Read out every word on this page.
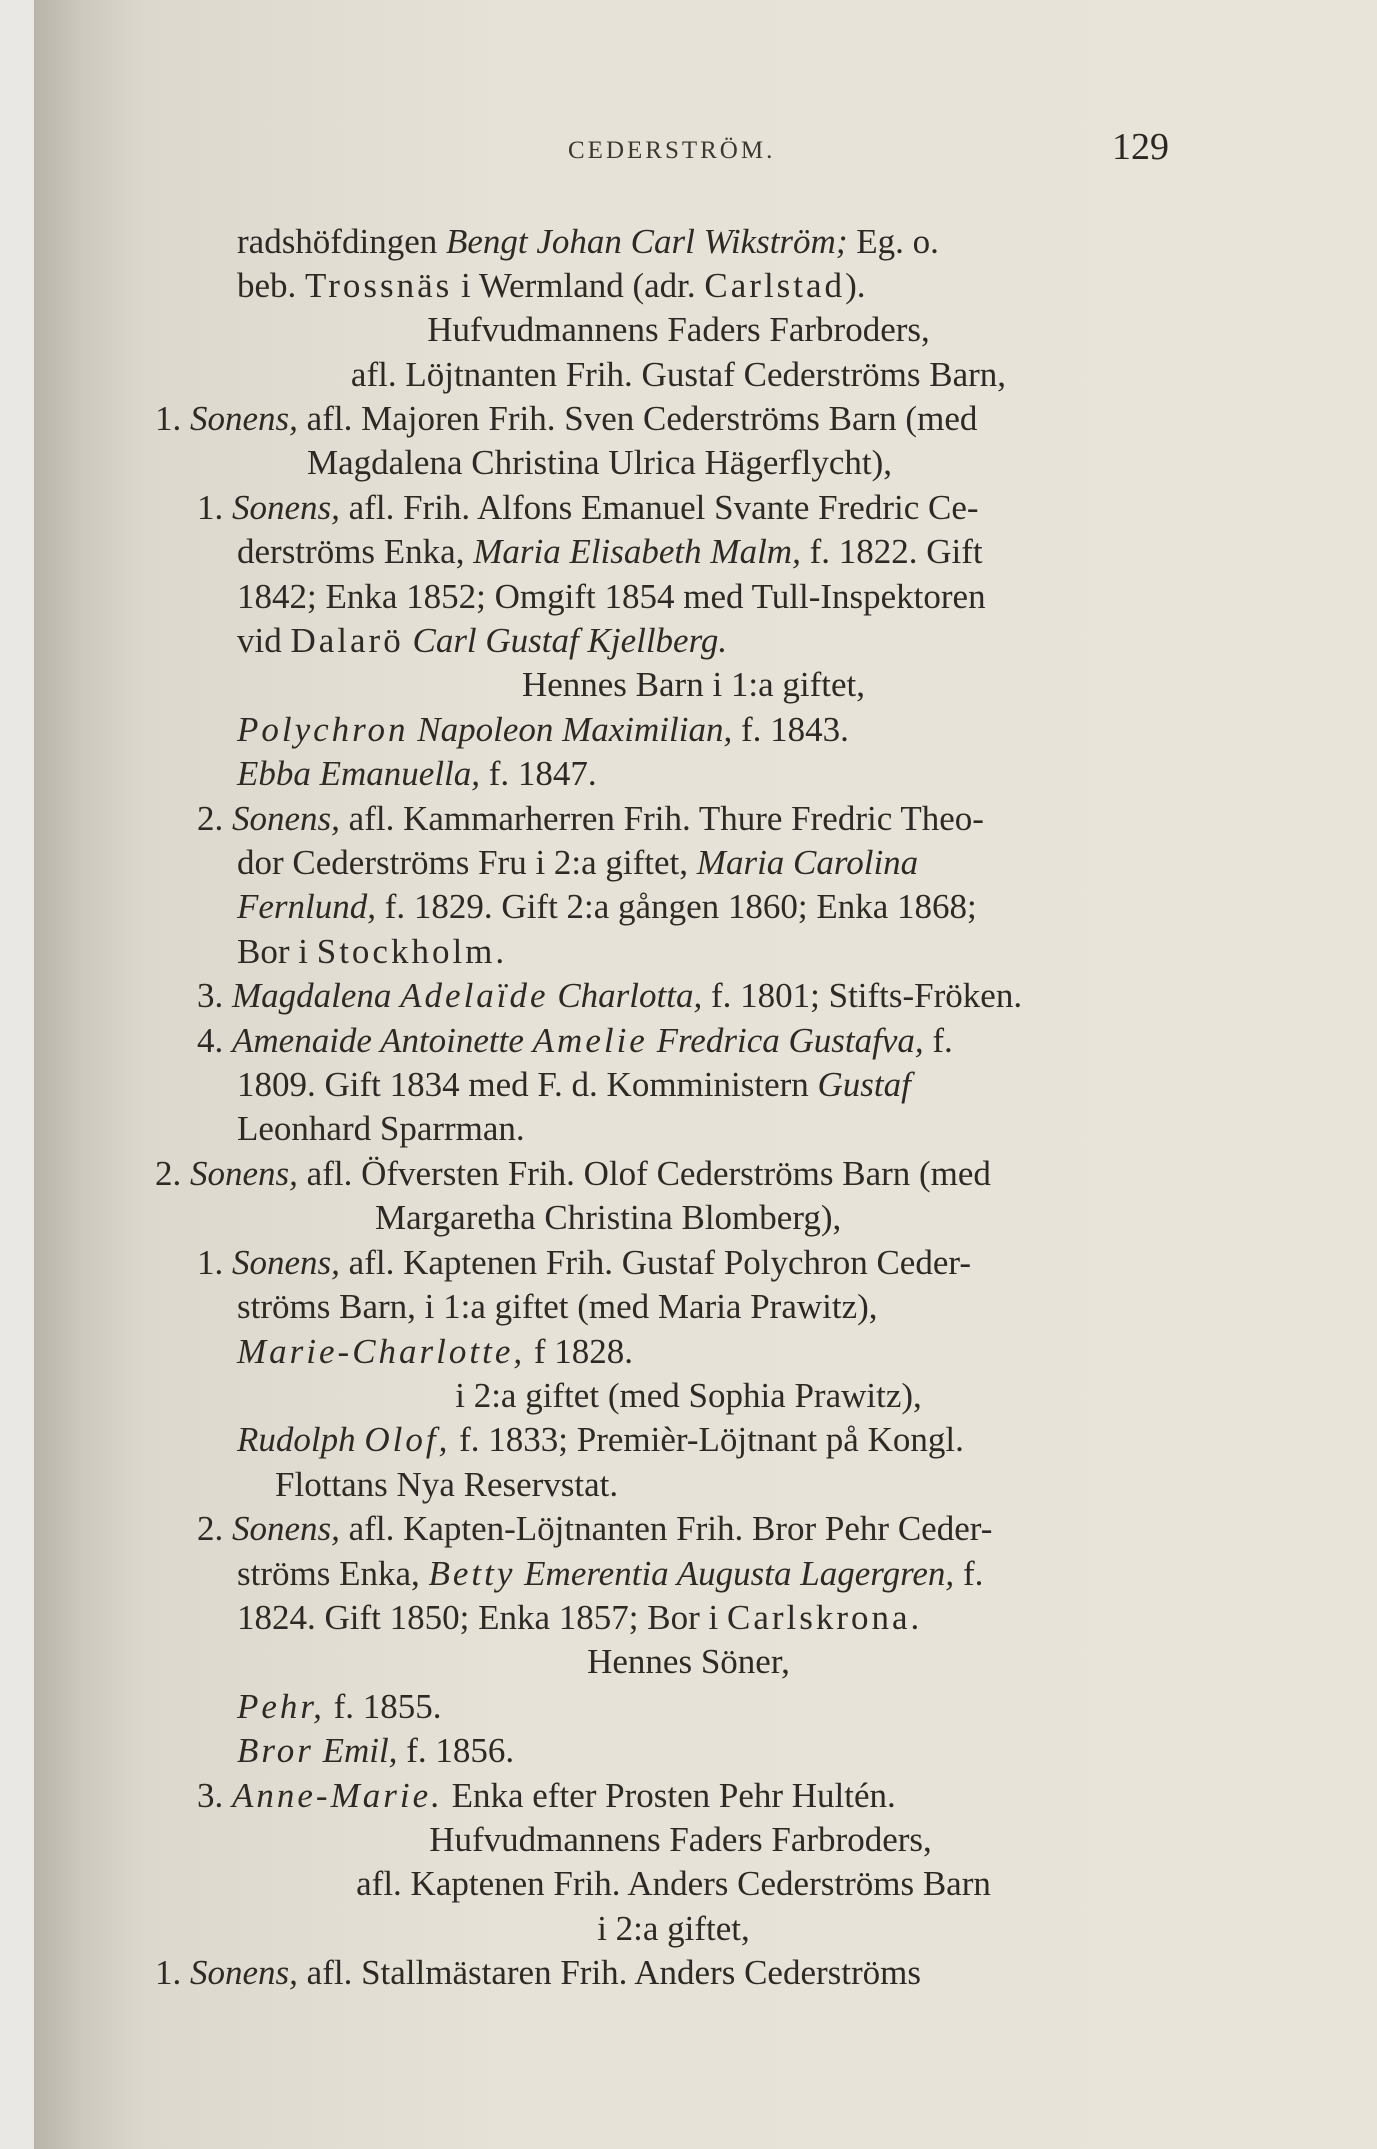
CEDERSTRÖM.	129
radshöfdingen Bengt Johan Carl Wikström; Eg. o.
beb. Trossnäs i Wermland (adr. Carlstad).
Hufvudmannens Faders Farbroders,
afl. Löjtnanten Frih. Gustaf Cederströms Barn,
1. Sonens, afl. Majoren Frih. Sven Cederströms Barn (med
Magdalena Christina Ulrica Hägerflycht),
1. Sonens, afl. Frih. Alfons Emanuel Svante Fredric Ce-
derströms Enka, Maria Elisabeth Malm, f. 1822. Gift
1842; Enka 1852; Omgift 1854 med Tull-Inspektoren
vid Dalarö Carl Gustaf Kjellberg.
Hennes Barn i 1:a giftet,
Polychron Napoleon Maximilian, f. 1843.
Ebba Emanuella, f. 1847.
2. Sonens, afl. Kammarherren Frih. Thure Fredric Theo-
dor Cederströms Fru i 2:a giftet, Maria Carolina
Fernlund, f. 1829. Gift 2:a gången 1860; Enka 1868;
Bor i Stockholm.
3. Magdalena Adelaïde Charlotta, f. 1801; Stifts-Fröken.
4. Amenaide Antoinette Amelie Fredrica Gustafva, f.
1809. Gift 1834 med F. d. Komministern Gustaf
Leonhard Sparrman.
2. Sonens, afl. Öfversten Frih. Olof Cederströms Barn (med
Margaretha Christina Blomberg),
1. Sonens, afl. Kaptenen Frih. Gustaf Polychron Ceder-
ströms Barn, i 1:a giftet (med Maria Prawitz),
Marie-Charlotte, f 1828.
i 2:a giftet (med Sophia Prawitz),
Rudolph Olof, f. 1833; Premièr-Löjtnant på Kongl.
Flottans Nya Reservstat.
2. Sonens, afl. Kapten-Löjtnanten Frih. Bror Pehr Ceder-
ströms Enka, Betty Emerentia Augusta Lagergren, f.
1824. Gift 1850; Enka 1857; Bor i Carlskrona.
Hennes Söner,
Pehr, f. 1855.
Bror Emil, f. 1856.
3. Anne-Marie. Enka efter Prosten Pehr Hultén.
Hufvudmannens Faders Farbroders,
afl. Kaptenen Frih. Anders Cederströms Barn
i 2:a giftet,
1. Sonens, afl. Stallmästaren Frih. Anders Cederströms
